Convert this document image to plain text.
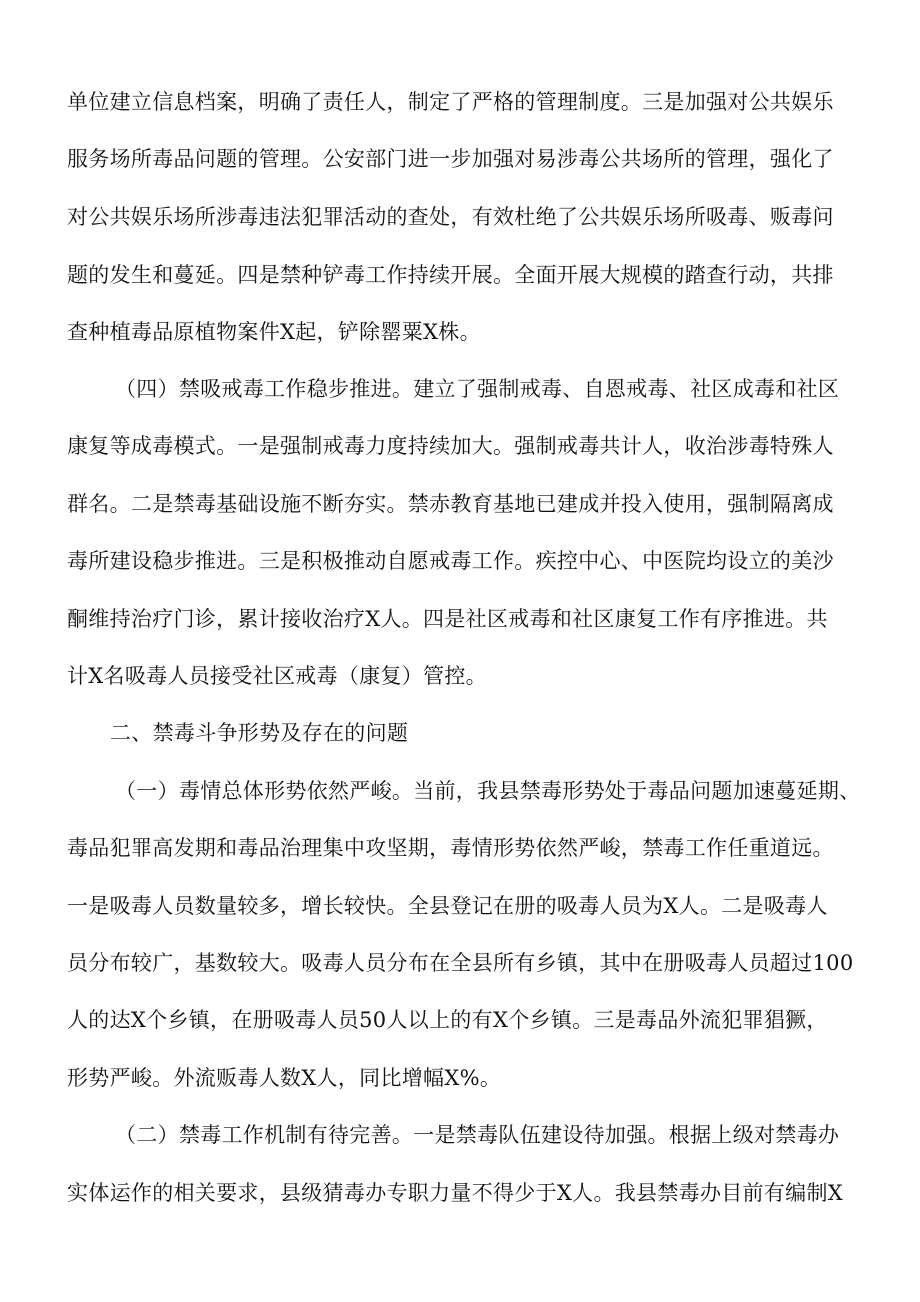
单位建立信息档案，明确了责任人，制定了严格的管理制度。三是加强对公共娱乐
服务场所毒品问题的管理。公安部门进一步加强对易涉毒公共场所的管理，强化了
对公共娱乐场所涉毒违法犯罪活动的查处，有效杜绝了公共娱乐场所吸毒、贩毒问
题的发生和蔓延。四是禁种铲毒工作持续开展。全面开展大规模的踏查行动，共排
查种植毒品原植物案件X起，铲除罂粟X株。
（四）禁吸戒毒工作稳步推进。建立了强制戒毒、自恩戒毒、社区成毒和社区
康复等成毒模式。一是强制戒毒力度持续加大。强制戒毒共计人，收治涉毒特殊人
群名。二是禁毒基础设施不断夯实。禁赤教育基地已建成并投入使用，强制隔离成
毒所建设稳步推进。三是积极推动自愿戒毒工作。疾控中心、中医院均设立的美沙
酮维持治疗门诊，累计接收治疗X人。四是社区戒毒和社区康复工作有序推进。共
计X名吸毒人员接受社区戒毒（康复）管控。
二、禁毒斗争形势及存在的问题
（一）毒情总体形势依然严峻。当前，我县禁毒形势处于毒品问题加速蔓延期、
毒品犯罪高发期和毒品治理集中攻坚期，毒情形势依然严峻，禁毒工作任重道远。
一是吸毒人员数量较多，增长较快。全县登记在册的吸毒人员为X人。二是吸毒人
员分布较广，基数较大。吸毒人员分布在全县所有乡镇，其中在册吸毒人员超过100
人的达X个乡镇，在册吸毒人员50人以上的有X个乡镇。三是毒品外流犯罪猖獗，
形势严峻。外流贩毒人数X人，同比增幅X%。
（二）禁毒工作机制有待完善。一是禁毒队伍建设待加强。根据上级对禁毒办
实体运作的相关要求，县级猜毒办专职力量不得少于X人。我县禁毒办目前有编制X
